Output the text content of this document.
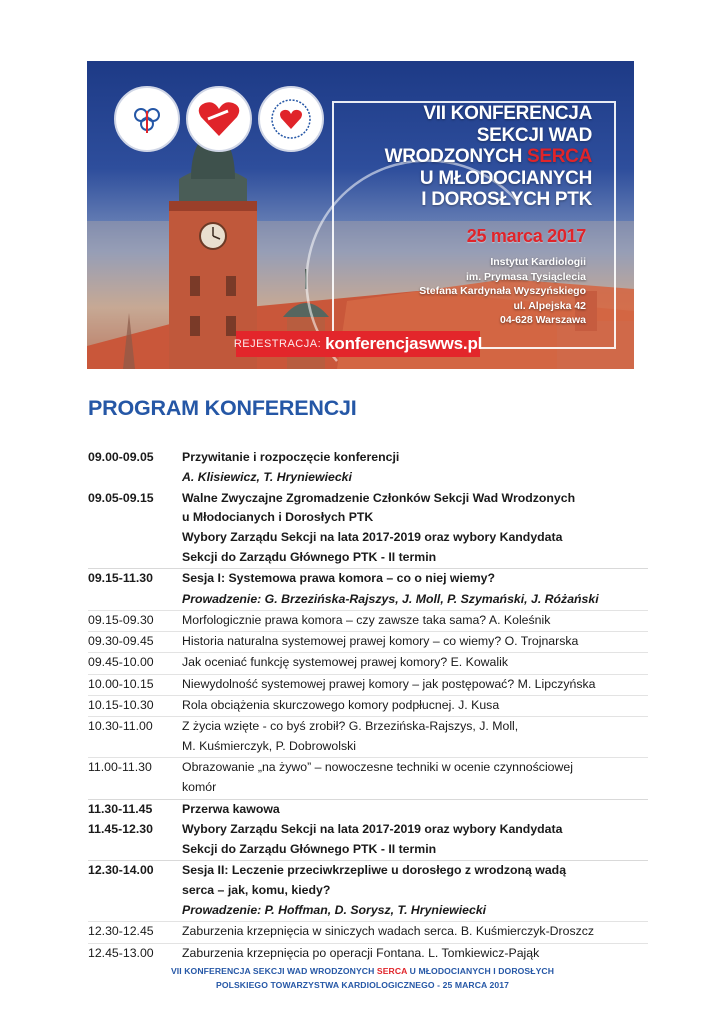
VII KONFERENCJA
SEKCJI WAD
WRODZONYCH SERCA
U MŁODOCIANYCH
I DOROSŁYCH PTK
25 marca 2017
Instytut Kardiologii
im. Prymasa Tysiąclecia
Stefana Kardynała Wyszyńskiego
ul. Alpejska 42
04-628 Warszawa
REJESTRACJA: konferencjaswws.pl
PROGRAM KONFERENCJI
09.00-09.05	Przywitanie i rozpoczęcie konferencji
A. Klisiewicz, T. Hryniewiecki
09.05-09.15	Walne Zwyczajne Zgromadzenie Członków Sekcji Wad Wrodzonych
u Młodocianych i Dorosłych PTK
Wybory Zarządu Sekcji na lata 2017-2019 oraz wybory Kandydata
Sekcji do Zarządu Głównego PTK - II termin
09.15-11.30	Sesja I: Systemowa prawa komora – co o niej wiemy?
Prowadzenie: G. Brzezińska-Rajszys, J. Moll, P. Szymański, J. Różański
09.15-09.30	Morfologicznie prawa komora – czy zawsze taka sama? A. Koleśnik
09.30-09.45	Historia naturalna systemowej prawej komory – co wiemy? O. Trojnarska
09.45-10.00	Jak oceniać funkcję systemowej prawej komory? E. Kowalik
10.00-10.15	Niewydolność systemowej prawej komory – jak postępować? M. Lipczyńska
10.15-10.30	Rola obciążenia skurczowego komory podpłucnej. J. Kusa
10.30-11.00	Z życia wzięte - co byś zrobił? G. Brzezińska-Rajszys, J. Moll,
M. Kuśmierczyk, P. Dobrowolski
11.00-11.30	Obrazowanie „na żywo” – nowoczesne techniki w ocenie czynnościowej
komór
11.30-11.45	Przerwa kawowa
11.45-12.30	Wybory Zarządu Sekcji na lata 2017-2019 oraz wybory Kandydata
Sekcji do Zarządu Głównego PTK - II termin
12.30-14.00	Sesja II: Leczenie przeciwkrzepliwe u dorosłego z wrodzoną wadą
serca – jak, komu, kiedy?
Prowadzenie: P. Hoffman, D. Sorysz, T. Hryniewiecki
12.30-12.45	Zaburzenia krzepnięcia w siniczych wadach serca. B. Kuśmierczyk-Droszcz
12.45-13.00	Zaburzenia krzepnięcia po operacji Fontana. L. Tomkiewicz-Pająk
VII KONFERENCJA SEKCJI WAD WRODZONYCH SERCA U MŁODOCIANYCH I DOROSŁYCH
POLSKIEGO TOWARZYSTWA KARDIOLOGICZNEGO - 25 MARCA 2017
